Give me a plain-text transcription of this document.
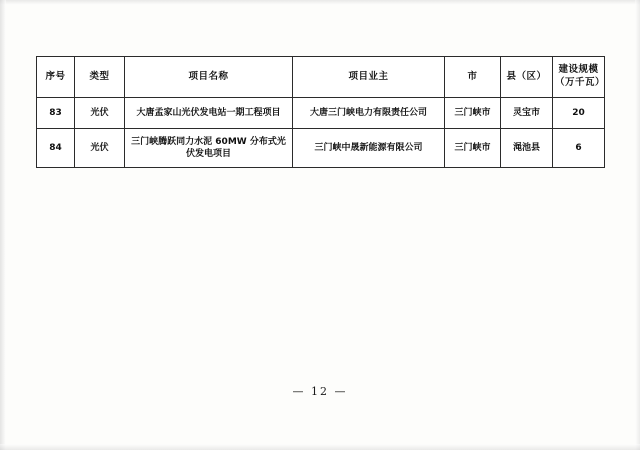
序号	类型	项目名称	项目业主	市	县（区）	建设规模
（万千瓦）

83	光伏	大唐孟家山光伏发电站一期工程项目	大唐三门峡电力有限责任公司	三门峡市	灵宝市	20
84	光伏	三门峡腾跃同力水泥 60MW 分布式光伏发电项目	三门峡中晟新能源有限公司	三门峡市	渑池县	6
— 12 —
